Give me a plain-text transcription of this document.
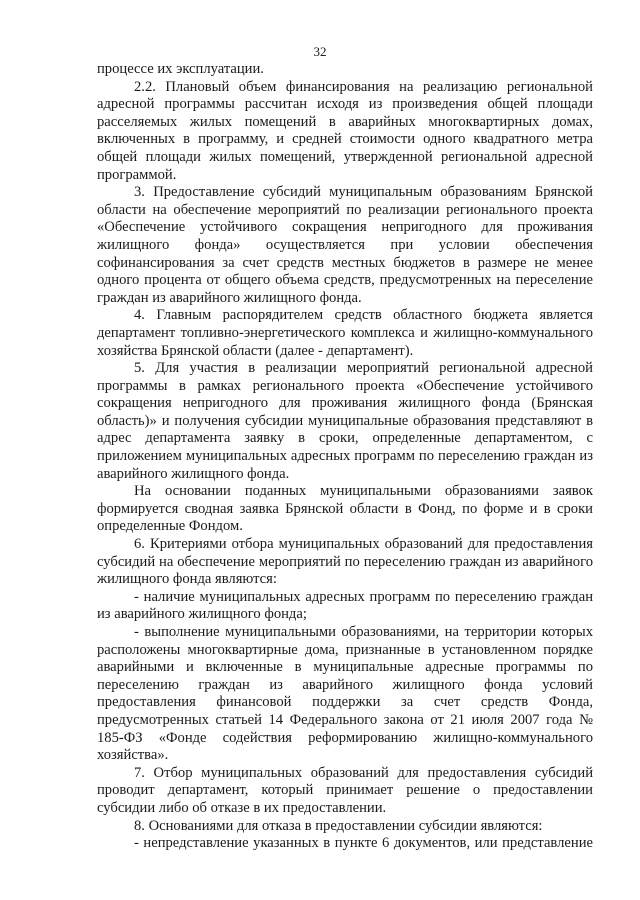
32

процессе их эксплуатации.

2.2. Плановый объем финансирования на реализацию региональной адресной программы рассчитан исходя из произведения общей площади расселяемых жилых помещений в аварийных многоквартирных домах, включенных в программу, и средней стоимости одного квадратного метра общей площади жилых помещений, утвержденной региональной адресной программой.

3. Предоставление субсидий муниципальным образованиям Брянской области на обеспечение мероприятий по реализации регионального проекта «Обеспечение устойчивого сокращения непригодного для проживания жилищного фонда» осуществляется при условии обеспечения софинансирования за счет средств местных бюджетов в размере не менее одного процента от общего объема средств, предусмотренных на переселение граждан из аварийного жилищного фонда.

4. Главным распорядителем средств областного бюджета является департамент топливно-энергетического комплекса и жилищно-коммунального хозяйства Брянской области (далее - департамент).

5. Для участия в реализации мероприятий региональной адресной программы в рамках регионального проекта «Обеспечение устойчивого сокращения непригодного для проживания жилищного фонда (Брянская область)» и получения субсидии муниципальные образования представляют в адрес департамента заявку в сроки, определенные департаментом, с приложением муниципальных адресных программ по переселению граждан из аварийного жилищного фонда.

На основании поданных муниципальными образованиями заявок формируется сводная заявка Брянской области в Фонд, по форме и в сроки определенные Фондом.

6. Критериями отбора муниципальных образований для предоставления субсидий на обеспечение мероприятий по переселению граждан из аварийного жилищного фонда являются:

- наличие муниципальных адресных программ по переселению граждан из аварийного жилищного фонда;

- выполнение муниципальными образованиями, на территории которых расположены многоквартирные дома, признанные в установленном порядке аварийными и включенные в муниципальные адресные программы по переселению граждан из аварийного жилищного фонда условий предоставления финансовой поддержки за счет средств Фонда, предусмотренных статьей 14 Федерального закона от 21 июля 2007 года № 185-ФЗ «Фонде содействия реформированию жилищно-коммунального хозяйства».

7. Отбор муниципальных образований для предоставления субсидий проводит департамент, который принимает решение о предоставлении субсидии либо об отказе в их предоставлении.

8. Основаниями для отказа в предоставлении субсидии являются:

- непредставление указанных в пункте 6 документов, или представление
